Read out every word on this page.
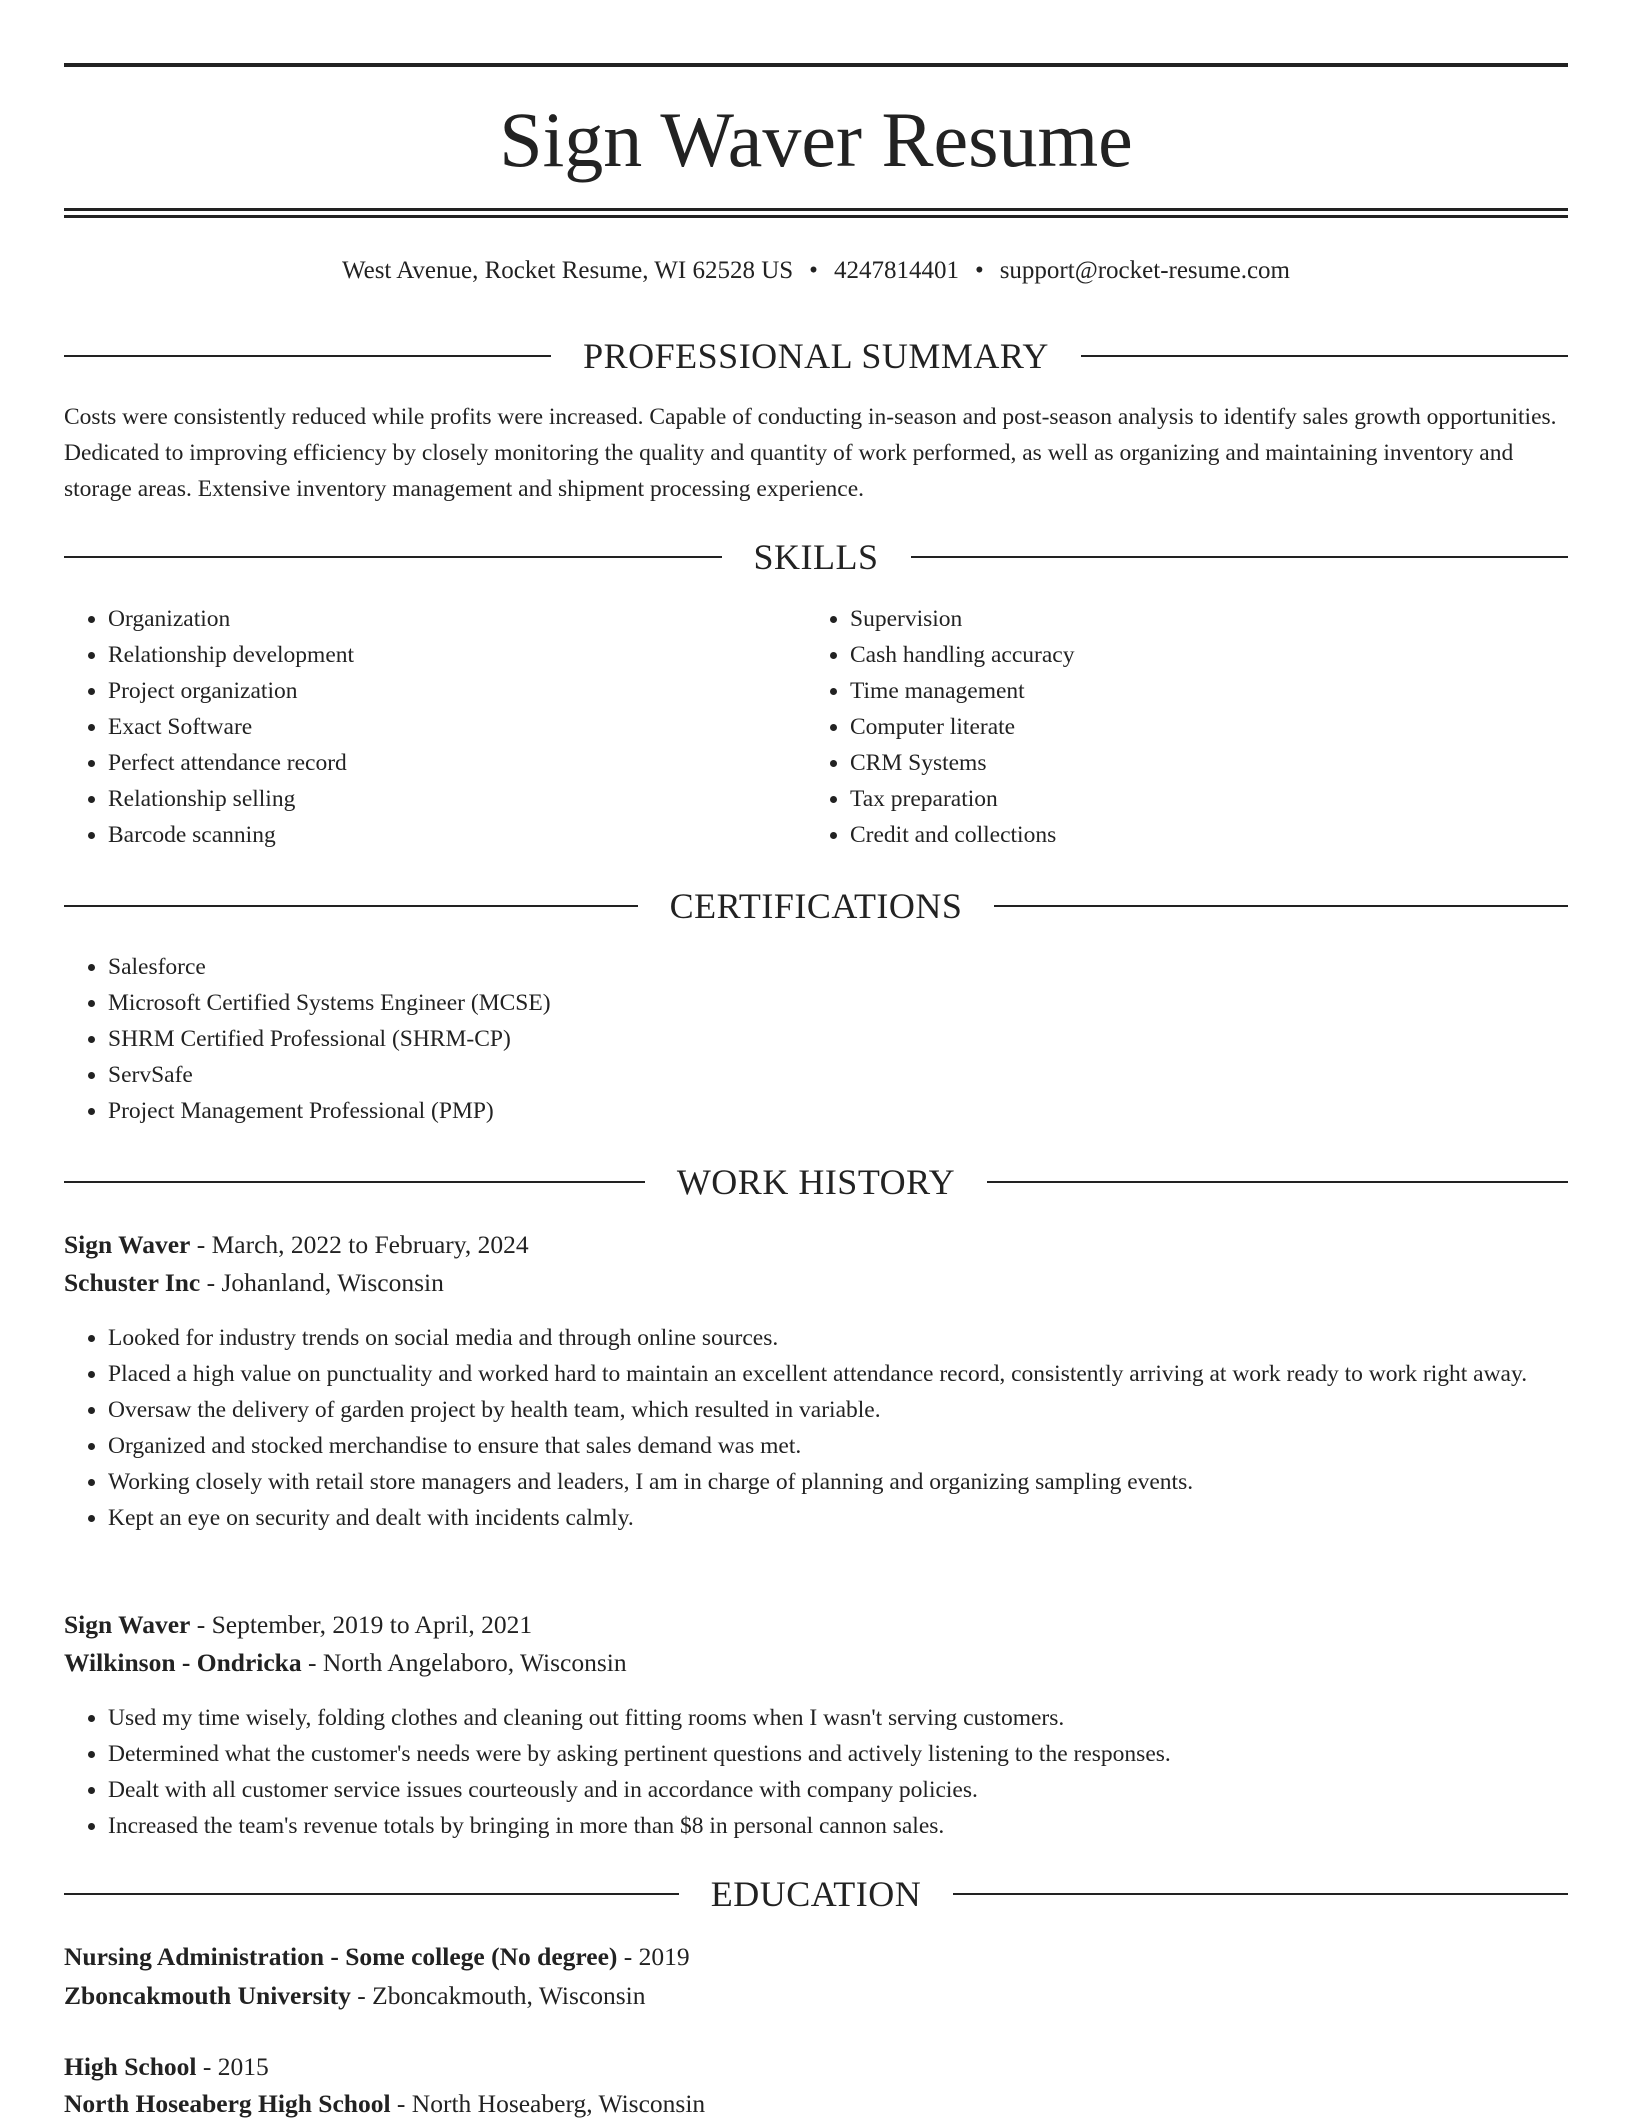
Sign Waver Resume
West Avenue, Rocket Resume, WI 62528 US • 4247814401 • support@rocket-resume.com
PROFESSIONAL SUMMARY

Costs were consistently reduced while profits were increased. Capable of conducting in-season and post-season analysis to identify sales growth opportunities. Dedicated to improving efficiency by closely monitoring the quality and quantity of work performed, as well as organizing and maintaining inventory and storage areas. Extensive inventory management and shipment processing experience.

SKILLS
• Organization
• Relationship development
• Project organization
• Exact Software
• Perfect attendance record
• Relationship selling
• Barcode scanning
• Supervision
• Cash handling accuracy
• Time management
• Computer literate
• CRM Systems
• Tax preparation
• Credit and collections
CERTIFICATIONS
• Salesforce
• Microsoft Certified Systems Engineer (MCSE)
• SHRM Certified Professional (SHRM-CP)
• ServSafe
• Project Management Professional (PMP)
WORK HISTORY
Sign Waver - March, 2022 to February, 2024
Schuster Inc - Johanland, Wisconsin
• Looked for industry trends on social media and through online sources.
• Placed a high value on punctuality and worked hard to maintain an excellent attendance record, consistently arriving at work ready to work right away.
• Oversaw the delivery of garden project by health team, which resulted in variable.
• Organized and stocked merchandise to ensure that sales demand was met.
• Working closely with retail store managers and leaders, I am in charge of planning and organizing sampling events.
• Kept an eye on security and dealt with incidents calmly.
Sign Waver - September, 2019 to April, 2021
Wilkinson - Ondricka - North Angelaboro, Wisconsin
• Used my time wisely, folding clothes and cleaning out fitting rooms when I wasn't serving customers.
• Determined what the customer's needs were by asking pertinent questions and actively listening to the responses.
• Dealt with all customer service issues courteously and in accordance with company policies.
• Increased the team's revenue totals by bringing in more than $8 in personal cannon sales.
EDUCATION
Nursing Administration - Some college (No degree) - 2019
Zboncakmouth University - Zboncakmouth, Wisconsin
High School - 2015
North Hoseaberg High School - North Hoseaberg, Wisconsin
